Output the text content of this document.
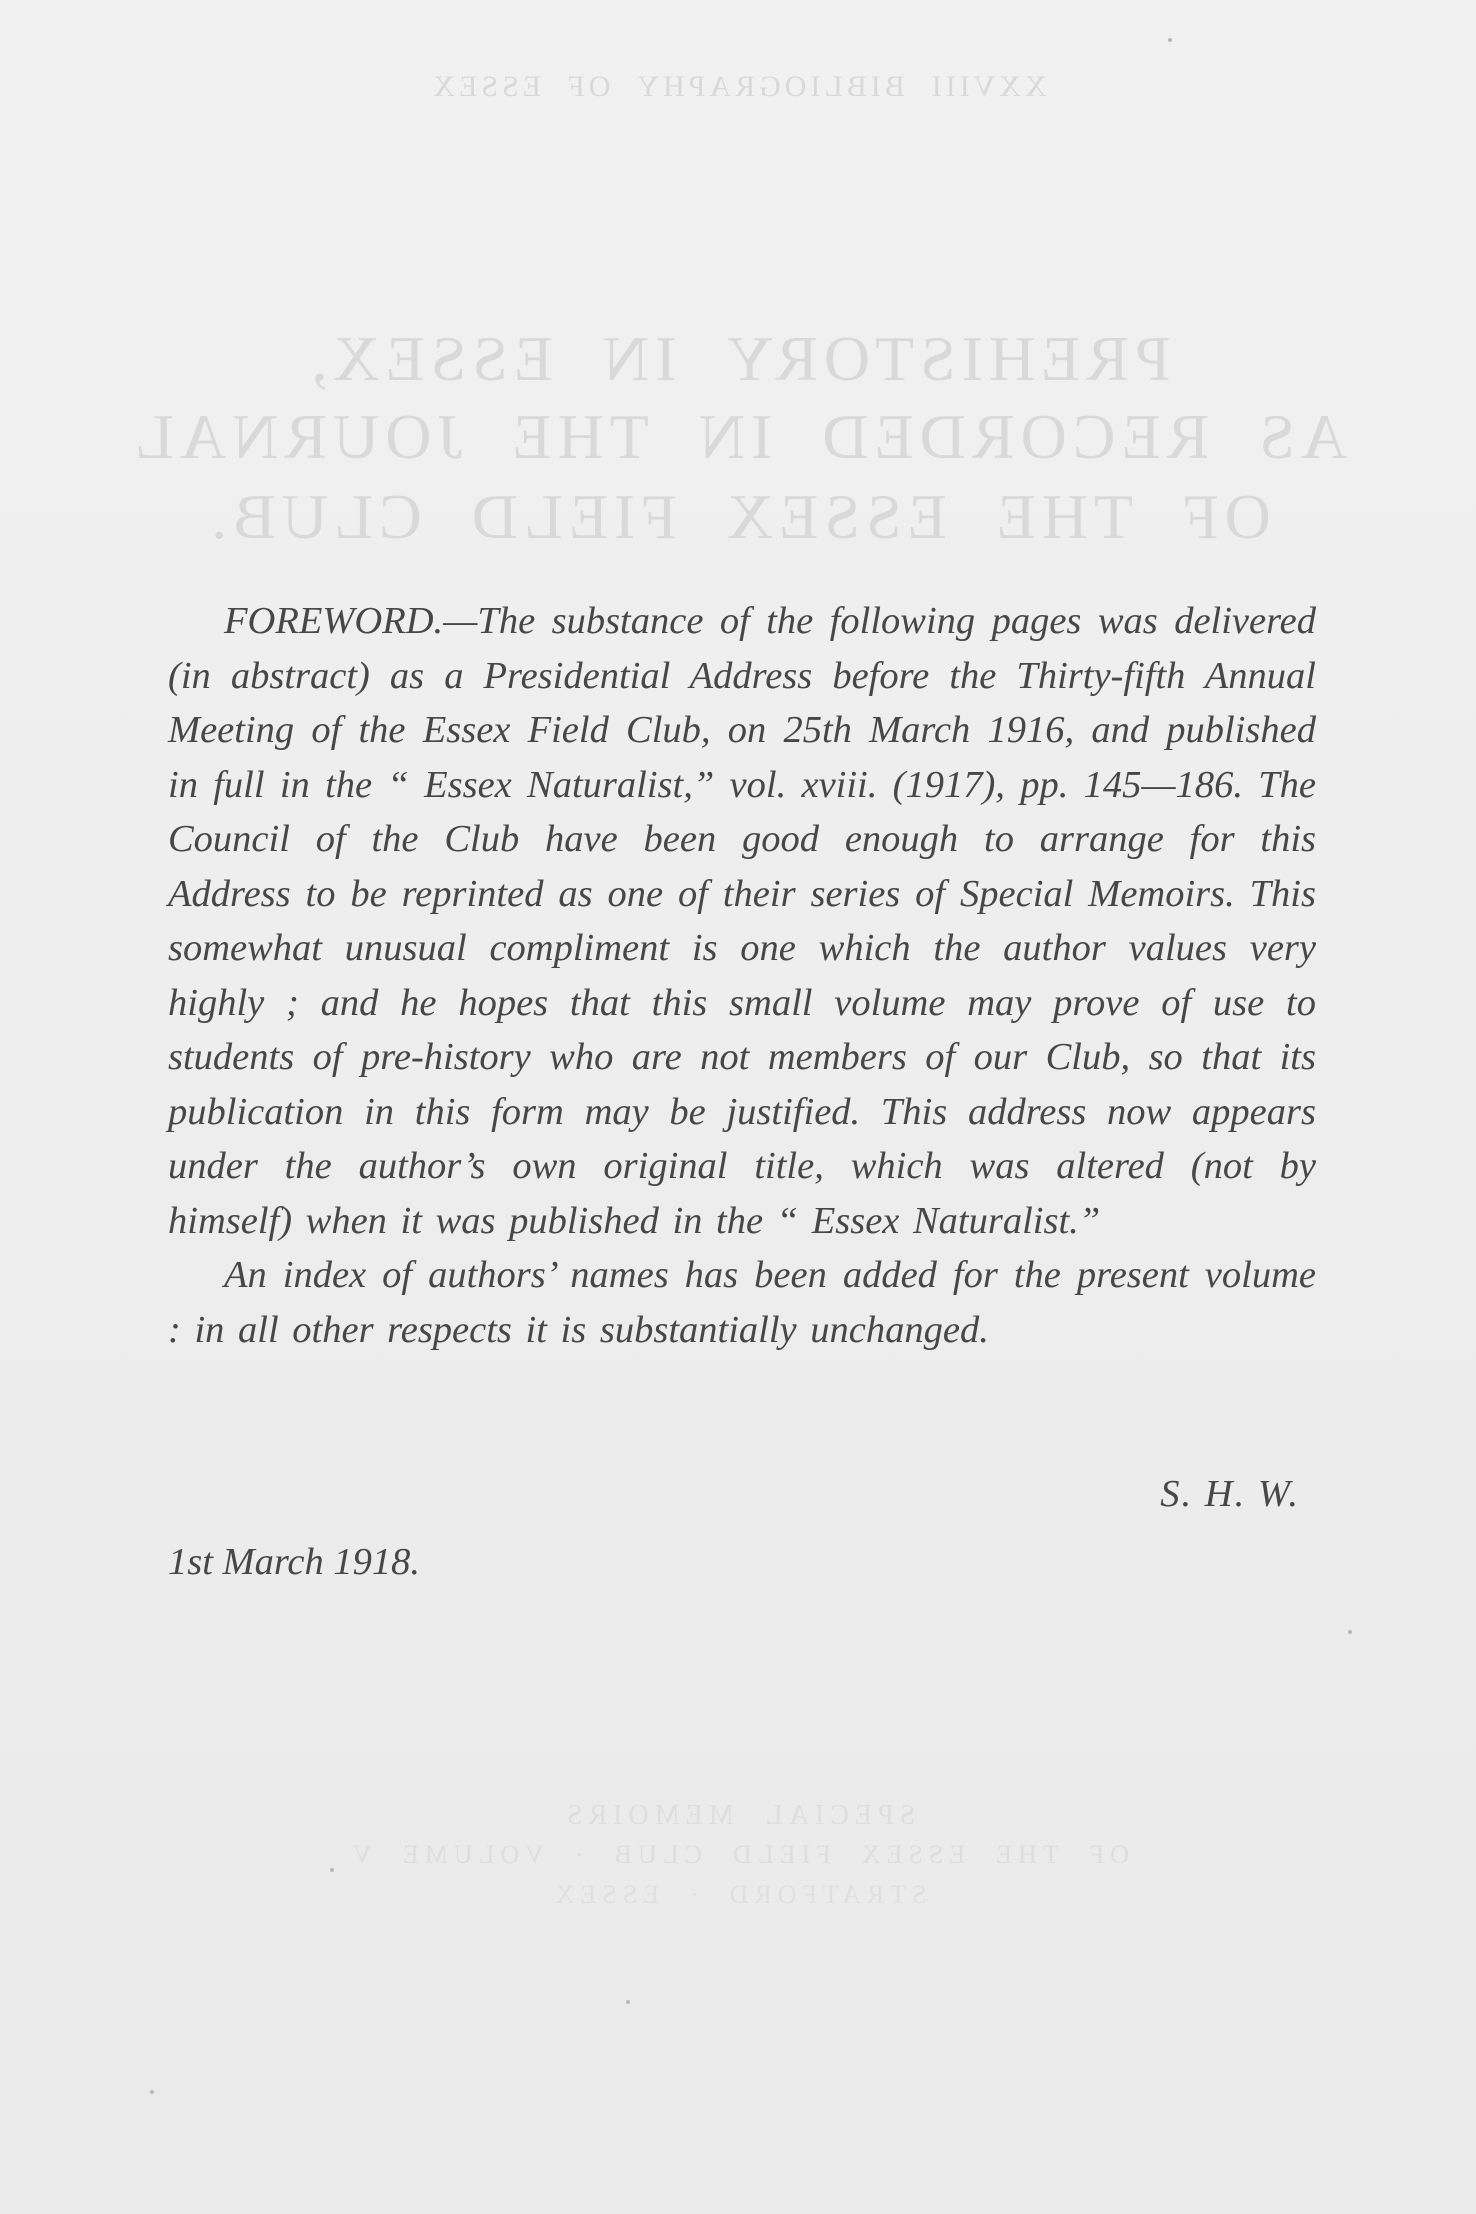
XXVIII  BIBLIOGRAPHY  OF  ESSEX
PREHISTORY  IN  ESSEX,
AS  RECORDED  IN  THE  JOURNAL
OF  THE  ESSEX  FIELD  CLUB.
SPECIAL  MEMOIRS
OF  THE  ESSEX  FIELD  CLUB  ·  VOLUME  V
STRATFORD  ·  ESSEX

FOREWORD.—The substance of the following pages was delivered (in abstract) as a Presidential Address before the Thirty-fifth Annual Meeting of the Essex Field Club, on 25th March 1916, and published in full in the “ Essex Naturalist,” vol. xviii. (1917), pp. 145—186. The Council of the Club have been good enough to arrange for this Address to be reprinted as one of their series of Special Memoirs. This somewhat unusual compliment is one which the author values very highly ; and he hopes that this small volume may prove of use to students of pre-history who are not members of our Club, so that its publication in this form may be justified. This address now appears under the author’s own original title, which was altered (not by himself) when it was published in the “ Essex Naturalist.”

An index of authors’ names has been added for the present volume : in all other respects it is substantially unchanged.

S. H. W.
1st March 1918.
